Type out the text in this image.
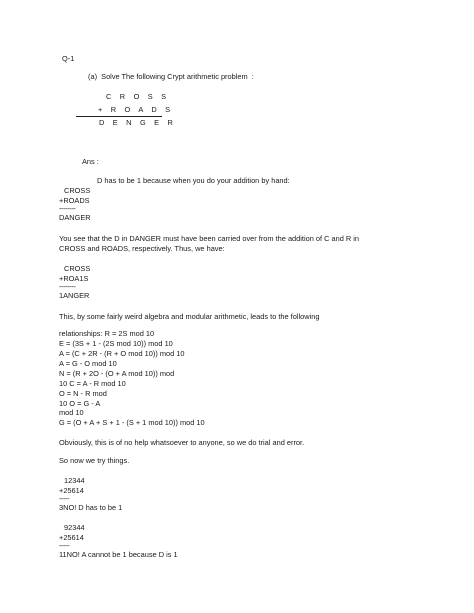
Q-1
(a)  Solve The following Crypt arithmetic problem  :
C R O S S
+ R O A D S
D E N G E R
Ans :
D has to be 1 because when you do your addition by hand:
CROSS
+ROADS
--------
DANGER
You see that the D in DANGER must have been carried over from the addition of C and R in
CROSS and ROADS, respectively. Thus, we have:
CROSS
+ROA1S
--------
1ANGER
This, by some fairly weird algebra and modular arithmetic, leads to the following
relationships: R = 2S mod 10
E = (3S + 1 - (2S mod 10)) mod 10
A = (C + 2R - (R + O mod 10)) mod 10
A = G - O mod 10
N = (R + 2O - (O + A mod 10)) mod
10 C = A - R mod 10
O = N - R mod
10 O = G - A
mod 10
G = (O + A + S + 1 - (S + 1 mod 10)) mod 10
Obviously, this is of no help whatsoever to anyone, so we do trial and error.
So now we try things.
12344
+25614
-----
3NO! D has to be 1
92344
+25614
-----
11NO! A cannot be 1 because D is 1
